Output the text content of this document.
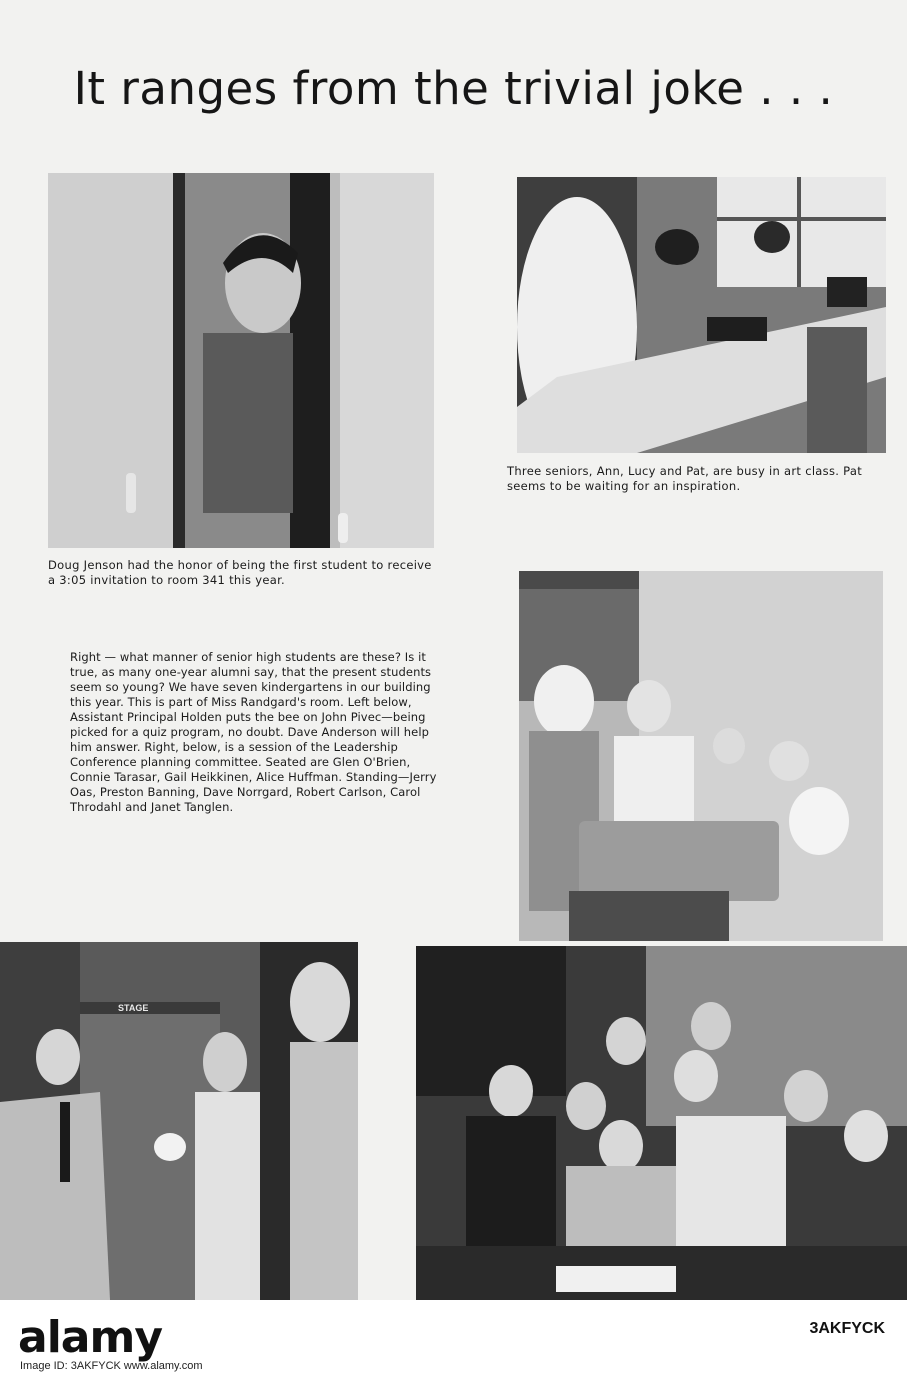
It ranges from the trivial joke . . .

Doug Jenson had the honor of being the first student to receive a 3:05 invitation to room 341 this year.

Three seniors, Ann, Lucy and Pat, are busy in art class. Pat seems to be waiting for an inspiration.

Right — what manner of senior high students are these? Is it true, as many one-year alumni say, that the present students seem so young? We have seven kindergartens in our building this year. This is part of Miss Randgard's room. Left below, Assistant Principal Holden puts the bee on John Pivec—being picked for a quiz program, no doubt. Dave Anderson will help him answer. Right, below, is a session of the Leadership Conference planning committee. Seated are Glen O'Brien, Connie Tarasar, Gail Heikkinen, Alice Huffman. Standing—Jerry Oas, Preston Banning, Dave Norrgard, Robert Carlson, Carol Throdahl and Janet Tanglen.

STAGE
alamy	3AKFYCK
Image ID: 3AKFYCK www.alamy.com
